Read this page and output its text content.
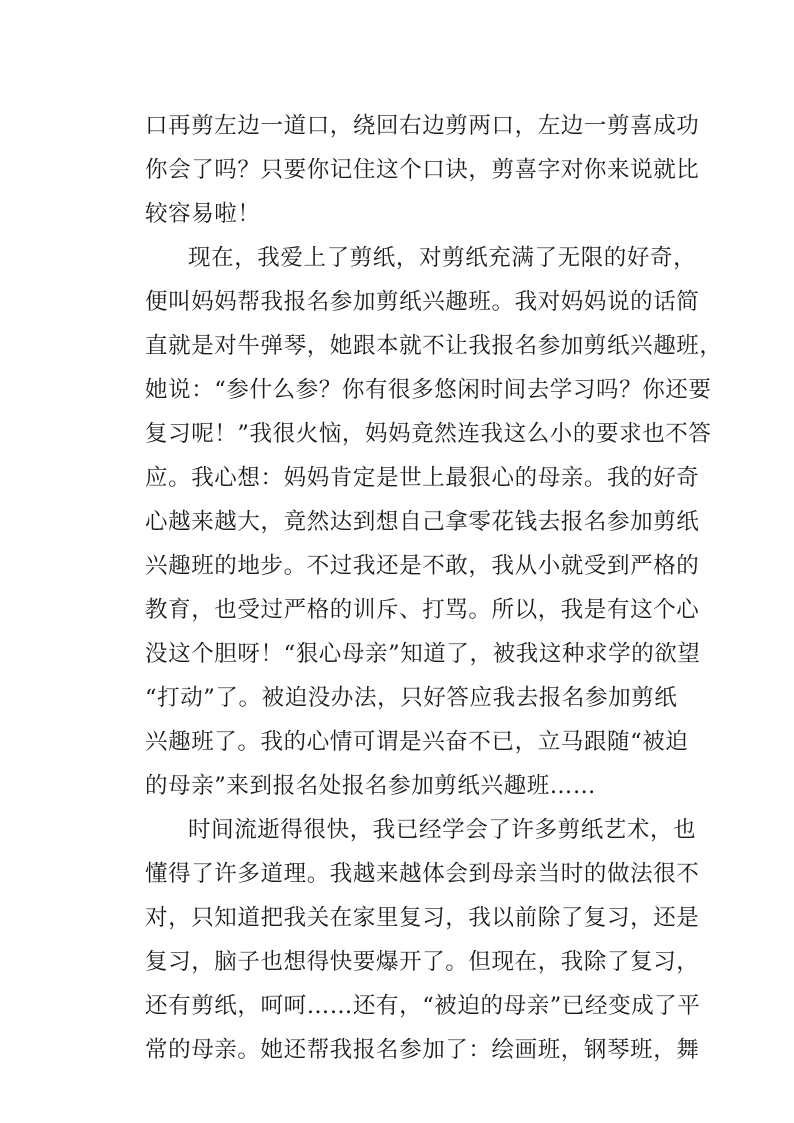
口再剪左边一道口，绕回右边剪两口，左边一剪喜成功
你会了吗？只要你记住这个口诀，剪喜字对你来说就比
较容易啦！
现在，我爱上了剪纸，对剪纸充满了无限的好奇，
便叫妈妈帮我报名参加剪纸兴趣班。我对妈妈说的话简
直就是对牛弹琴，她跟本就不让我报名参加剪纸兴趣班，
她说：“参什么参？你有很多悠闲时间去学习吗？你还要
复习呢！”我很火恼，妈妈竟然连我这么小的要求也不答
应。我心想：妈妈肯定是世上最狠心的母亲。我的好奇
心越来越大，竟然达到想自己拿零花钱去报名参加剪纸
兴趣班的地步。不过我还是不敢，我从小就受到严格的
教育，也受过严格的训斥、打骂。所以，我是有这个心
没这个胆呀！“狠心母亲”知道了，被我这种求学的欲望
“打动”了。被迫没办法，只好答应我去报名参加剪纸
兴趣班了。我的心情可谓是兴奋不已，立马跟随“被迫
的母亲”来到报名处报名参加剪纸兴趣班……
时间流逝得很快，我已经学会了许多剪纸艺术，也
懂得了许多道理。我越来越体会到母亲当时的做法很不
对，只知道把我关在家里复习，我以前除了复习，还是
复习，脑子也想得快要爆开了。但现在，我除了复习，
还有剪纸，呵呵……还有，“被迫的母亲”已经变成了平
常的母亲。她还帮我报名参加了：绘画班，钢琴班，舞
